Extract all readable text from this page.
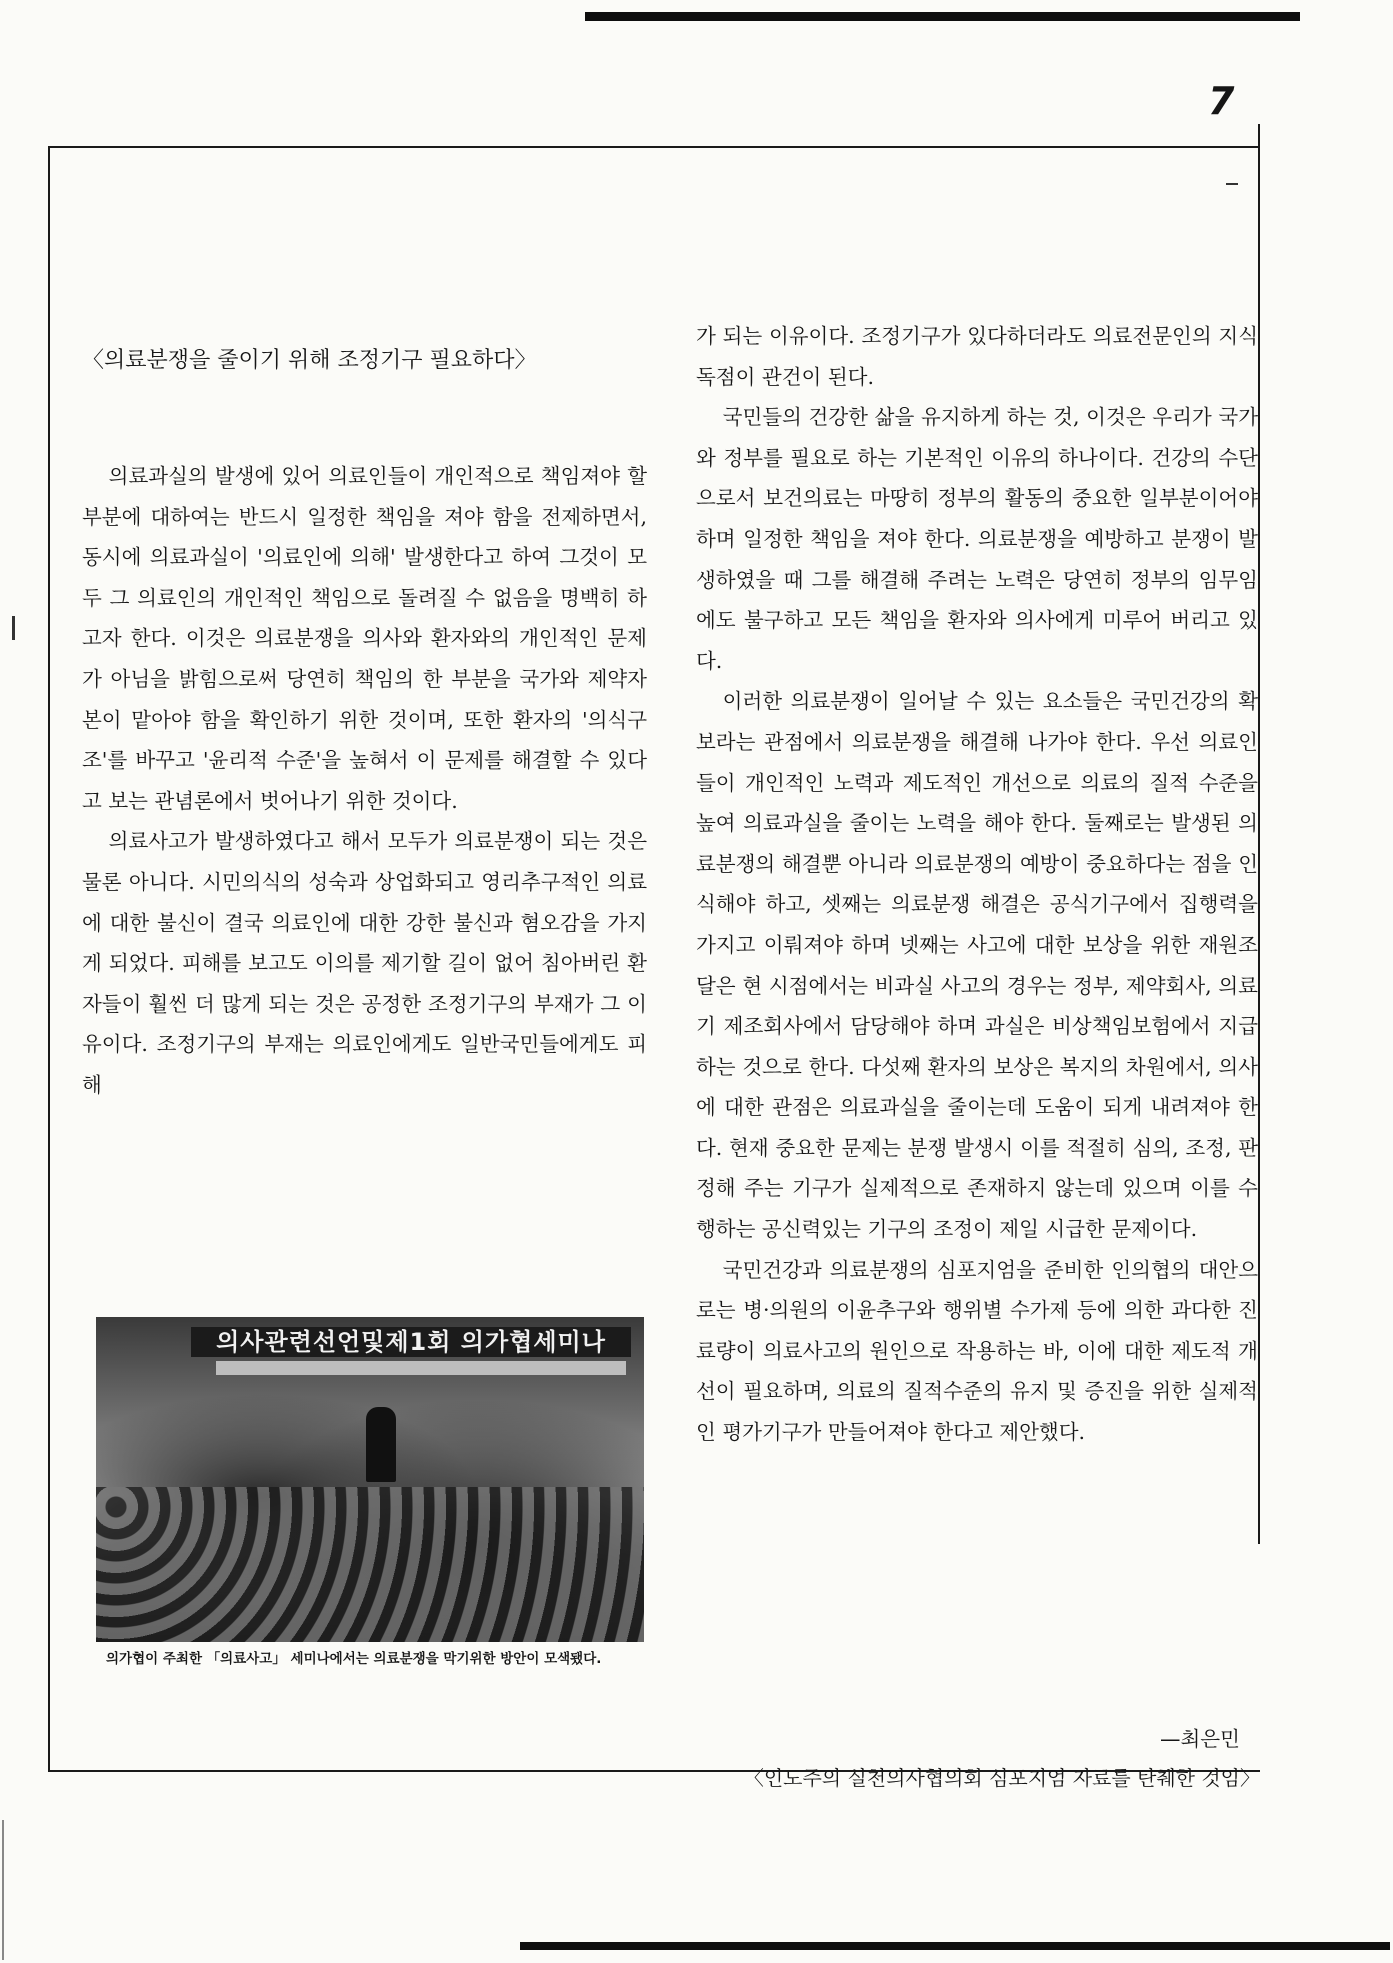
7
〈의료분쟁을 줄이기 위해 조정기구 필요하다〉

의료과실의 발생에 있어 의료인들이 개인적으로 책임져야 할 부분에 대하여는 반드시 일정한 책임을 져야 함을 전제하면서, 동시에 의료과실이 '의료인에 의해' 발생한다고 하여 그것이 모두 그 의료인의 개인적인 책임으로 돌려질 수 없음을 명백히 하고자 한다. 이것은 의료분쟁을 의사와 환자와의 개인적인 문제가 아님을 밝힘으로써 당연히 책임의 한 부분을 국가와 제약자본이 맡아야 함을 확인하기 위한 것이며, 또한 환자의 '의식구조'를 바꾸고 '윤리적 수준'을 높혀서 이 문제를 해결할 수 있다고 보는 관념론에서 벗어나기 위한 것이다.

의료사고가 발생하였다고 해서 모두가 의료분쟁이 되는 것은 물론 아니다. 시민의식의 성숙과 상업화되고 영리추구적인 의료에 대한 불신이 결국 의료인에 대한 강한 불신과 혐오감을 가지게 되었다. 피해를 보고도 이의를 제기할 길이 없어 침아버린 환자들이 훨씬 더 많게 되는 것은 공정한 조정기구의 부재가 그 이유이다. 조정기구의 부재는 의료인에게도 일반국민들에게도 피해

의사관련선언및제1회 의가협세미나
의가협이 주최한 「의료사고」 세미나에서는 의료분쟁을 막기위한 방안이 모색됐다.

가 되는 이유이다. 조정기구가 있다하더라도 의료전문인의 지식 독점이 관건이 된다.

국민들의 건강한 삶을 유지하게 하는 것, 이것은 우리가 국가와 정부를 필요로 하는 기본적인 이유의 하나이다. 건강의 수단으로서 보건의료는 마땅히 정부의 활동의 중요한 일부분이어야 하며 일정한 책임을 져야 한다. 의료분쟁을 예방하고 분쟁이 발생하였을 때 그를 해결해 주려는 노력은 당연히 정부의 임무임에도 불구하고 모든 책임을 환자와 의사에게 미루어 버리고 있다.

이러한 의료분쟁이 일어날 수 있는 요소들은 국민건강의 확보라는 관점에서 의료분쟁을 해결해 나가야 한다. 우선 의료인들이 개인적인 노력과 제도적인 개선으로 의료의 질적 수준을 높여 의료과실을 줄이는 노력을 해야 한다. 둘째로는 발생된 의료분쟁의 해결뿐 아니라 의료분쟁의 예방이 중요하다는 점을 인식해야 하고, 셋째는 의료분쟁 해결은 공식기구에서 집행력을 가지고 이뤄져야 하며 넷째는 사고에 대한 보상을 위한 재원조달은 현 시점에서는 비과실 사고의 경우는 정부, 제약회사, 의료기 제조회사에서 담당해야 하며 과실은 비상책임보험에서 지급하는 것으로 한다. 다섯째 환자의 보상은 복지의 차원에서, 의사에 대한 관점은 의료과실을 줄이는데 도움이 되게 내려져야 한다. 현재 중요한 문제는 분쟁 발생시 이를 적절히 심의, 조정, 판정해 주는 기구가 실제적으로 존재하지 않는데 있으며 이를 수행하는 공신력있는 기구의 조정이 제일 시급한 문제이다.

국민건강과 의료분쟁의 심포지엄을 준비한 인의협의 대안으로는 병·의원의 이윤추구와 행위별 수가제 등에 의한 과다한 진료량이 의료사고의 원인으로 작용하는 바, 이에 대한 제도적 개선이 필요하며, 의료의 질적수준의 유지 및 증진을 위한 실제적인 평가기구가 만들어져야 한다고 제안했다.

—최은민
〈인도주의 실천의사협의회 심포지엄 자료를 탄췌한 것임〉
